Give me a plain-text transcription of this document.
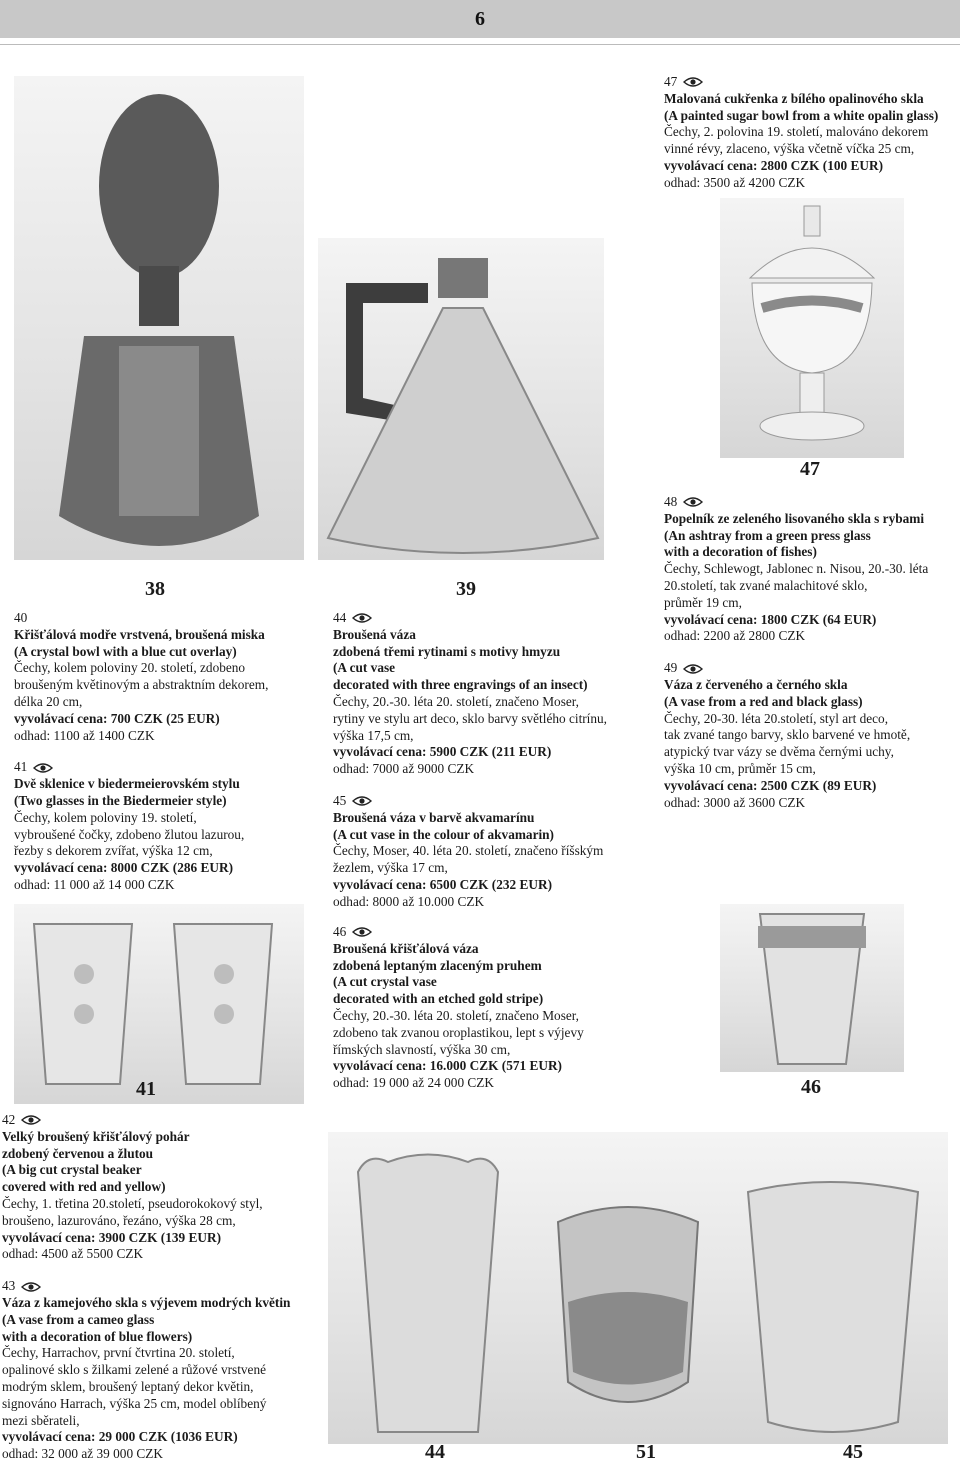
6
38	39
47
47
Malovaná cukřenka z bílého opalinového skla
(A painted sugar bowl from a white opalin glass)
Čechy, 2. polovina 19. století, malováno dekorem
vinné révy, zlaceno, výška včetně víčka 25 cm,
vyvolávací cena: 2800 CZK (100 EUR)
odhad: 3500 až 4200 CZK
48
Popelník ze zeleného lisovaného skla s rybami
(An ashtray from a green press glass
with a decoration of fishes)
Čechy, Schlewogt, Jablonec n. Nisou, 20.-30. léta
20.století, tak zvané malachitové sklo,
průměr 19 cm,
vyvolávací cena: 1800 CZK (64 EUR)
odhad: 2200 až 2800 CZK
49
Váza z červeného a černého skla
(A vase from a red and black glass)
Čechy, 20-30. léta 20.století, styl art deco,
tak zvané tango barvy, sklo barvené ve hmotě,
atypický tvar vázy se dvěma černými uchy,
výška 10 cm, průměr 15 cm,
vyvolávací cena: 2500 CZK (89 EUR)
odhad: 3000 až 3600 CZK
40
Křišťálová modře vrstvená, broušená miska
(A crystal bowl with a blue cut overlay)
Čechy, kolem poloviny 20. století, zdobeno
broušeným květinovým a abstraktním dekorem,
délka 20 cm,
vyvolávací cena: 700 CZK (25 EUR)
odhad: 1100 až 1400 CZK
41
Dvě sklenice v biedermeierovském stylu
(Two glasses in the Biedermeier style)
Čechy, kolem poloviny 19. století,
vybroušené čočky, zdobeno žlutou lazurou,
řezby s dekorem zvířat, výška 12 cm,
vyvolávací cena: 8000 CZK (286 EUR)
odhad: 11 000 až 14 000 CZK
44
Broušená váza
zdobená třemi rytinami s motivy hmyzu
(A cut vase
decorated with three engravings of an insect)
Čechy, 20.-30. léta 20. století, značeno Moser,
rytiny ve stylu art deco, sklo barvy světlého citrínu,
výška 17,5 cm,
vyvolávací cena: 5900 CZK (211 EUR)
odhad: 7000 až 9000 CZK
45
Broušená váza v barvě akvamarínu
(A cut vase in the colour of akvamarin)
Čechy, Moser, 40. léta 20. století, značeno říšským
žezlem, výška 17 cm,
vyvolávací cena: 6500 CZK (232 EUR)
odhad: 8000 až 10.000 CZK
41
46
Broušená křišťálová váza
zdobená leptaným zlaceným pruhem
(A cut crystal vase
decorated with an etched gold stripe)
Čechy, 20.-30. léta 20. století, značeno Moser,
zdobeno tak zvanou oroplastikou, lept s výjevy
římských slavností, výška 30 cm,
vyvolávací cena: 16.000 CZK (571 EUR)
odhad: 19 000 až 24 000 CZK	46
42
Velký broušený křišťálový pohár
zdobený červenou a žlutou
(A big cut crystal beaker
covered with red and yellow)
Čechy, 1. třetina 20.století, pseudorokokový styl,
broušeno, lazurováno, řezáno, výška 28 cm,
vyvolávací cena: 3900 CZK (139 EUR)
odhad: 4500 až 5500 CZK
43
Váza z kamejového skla s výjevem modrých květin
(A vase from a cameo glass
with a decoration of blue flowers)
Čechy, Harrachov, první čtvrtina 20. století,
opalinové sklo s žilkami zelené a růžové vrstvené
modrým sklem, broušený leptaný dekor květin,
signováno Harrach, výška 25 cm, model oblíbený
mezi sběrateli,
vyvolávací cena: 29 000 CZK (1036 EUR)
odhad: 32 000 až 39 000 CZK	44	51	45
